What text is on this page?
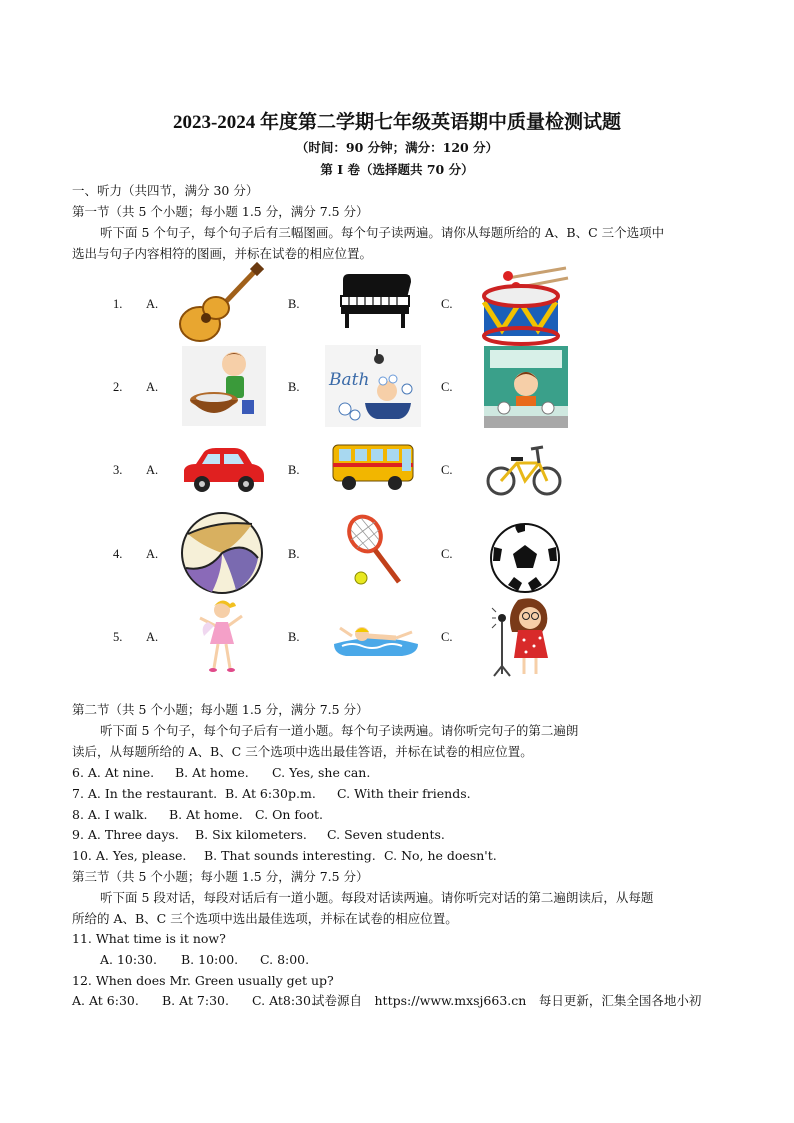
2023-2024 年度第二学期七年级英语期中质量检测试题
（时间：90 分钟；满分：120 分）
第 Ⅰ 卷（选择题共 70 分）
一、听力（共四节，满分 30 分）
第一节（共 5 个小题；每小题 1.5 分，满分 7.5 分）
听下面 5 个句子，每个句子后有三幅图画。每个句子读两遍。请你从每题所给的 A、B、C 三个选项中
选出与句子内容相符的图画，并标在试卷的相应位置。
1. A.	B.	C.
2. A.	B.	C.
Bath
3. A.	B.	C.
4. A.	B.	C.
5. A.	B.	C.
第二节（共 5 个小题；每小题 1.5 分，满分 7.5 分）
听下面 5 个句子，每个句子后有一道小题。每个句子读两遍。请你听完句子的第二遍朗
读后，从每题所给的 A、B、C 三个选项中选出最佳答语，并标在试卷的相应位置。
6. A. At nine. B. At home. C. Yes, she can.
7. A. In the restaurant. B. At 6:30p.m. C. With their friends.
8. A. I walk. B. At home. C. On foot.
9. A. Three days. B. Six kilometers. C. Seven students.
10. A. Yes, please. B. That sounds interesting. C. No, he doesn't.
第三节（共 5 个小题；每小题 1.5 分，满分 7.5 分）
听下面 5 段对话，每段对话后有一道小题。每段对话读两遍。请你听完对话的第二遍朗读后，从每题
所给的 A、B、C 三个选项中选出最佳选项，并标在试卷的相应位置。
11. What time is it now?
A. 10:30. B. 10:00. C. 8:00.
12. When does Mr. Green usually get up?
A. At 6:30. B. At 7:30. C. At8:30.
试卷源自　https://www.mxsj663.cn　每日更新，汇集全国各地小初
